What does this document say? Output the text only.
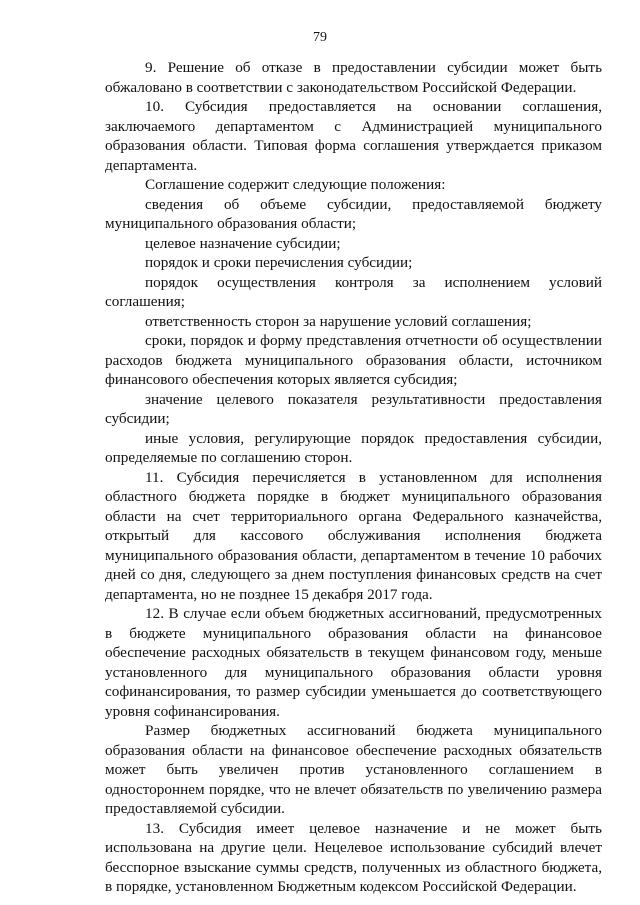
79

9. Решение об отказе в предоставлении субсидии может быть обжаловано в соответствии с законодательством Российской Федерации.

10. Субсидия предоставляется на основании соглашения, заключаемого департаментом с Администрацией муниципального образования области. Типовая форма соглашения утверждается приказом департамента.

Соглашение содержит следующие положения:

сведения об объеме субсидии, предоставляемой бюджету муниципального образования области;

целевое назначение субсидии;

порядок и сроки перечисления субсидии;

порядок осуществления контроля за исполнением условий соглашения;

ответственность сторон за нарушение условий соглашения;

сроки, порядок и форму представления отчетности об осуществлении расходов бюджета муниципального образования области, источником финансового обеспечения которых является субсидия;

значение целевого показателя результативности предоставления субсидии;

иные условия, регулирующие порядок предоставления субсидии, определяемые по соглашению сторон.

11. Субсидия перечисляется в установленном для исполнения областного бюджета порядке в бюджет муниципального образования области на счет территориального органа Федерального казначейства, открытый для кассового обслуживания исполнения бюджета муниципального образования области, департаментом в течение 10 рабочих дней со дня, следующего за днем поступления финансовых средств на счет департамента, но не позднее 15 декабря 2017 года.

12. В случае если объем бюджетных ассигнований, предусмотренных в бюджете муниципального образования области на финансовое обеспечение расходных обязательств в текущем финансовом году, меньше установленного для муниципального образования области уровня софинансирования, то размер субсидии уменьшается до соответствующего уровня софинансирования.

Размер бюджетных ассигнований бюджета муниципального образования области на финансовое обеспечение расходных обязательств может быть увеличен против установленного соглашением в одностороннем порядке, что не влечет обязательств по увеличению размера предоставляемой субсидии.

13. Субсидия имеет целевое назначение и не может быть использована на другие цели. Нецелевое использование субсидий влечет бесспорное взыскание суммы средств, полученных из областного бюджета, в порядке, установленном Бюджетным кодексом Российской Федерации.
